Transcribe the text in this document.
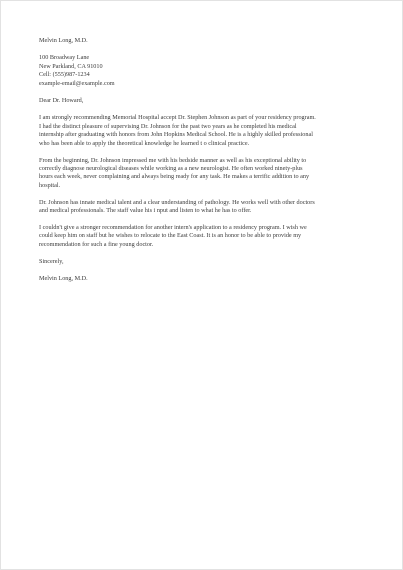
Melvin Long, M.D.
100 Broadway Lane
New Parkland, CA 91010
Cell: (555)987-1234
example-email@example.com
Dear Dr. Howard,
I am strongly recommending Memorial Hospital accept Dr. Stephen Johnson as part of your residency program.
I had the distinct pleasure of supervising Dr. Johnson for the past two years as he completed his medical
internship after graduating with honors from John Hopkins Medical School. He is a highly skilled professional
who has been able to apply the theoretical knowledge he learned t o clinical practice.
From the beginning, Dr. Johnson impressed me with his bedside manner as well as his exceptional ability to
correctly diagnose neurological diseases while working as a new neurologist. He often worked ninety-plus
hours each week, never complaining and always being ready for any task. He makes a terrific addition to any
hospital.
Dr. Johnson has innate medical talent and a clear understanding of pathology. He works well with other doctors
and medical professionals. The staff value his i nput and listen to what he has to offer.
I couldn't give a stronger recommendation for another intern's application to a residency program. I wish we
could keep him on staff but he wishes to relocate to the East Coast. It is an honor to be able to provide my
recommendation for such a fine young doctor.
Sincerely,
Melvin Long, M.D.
